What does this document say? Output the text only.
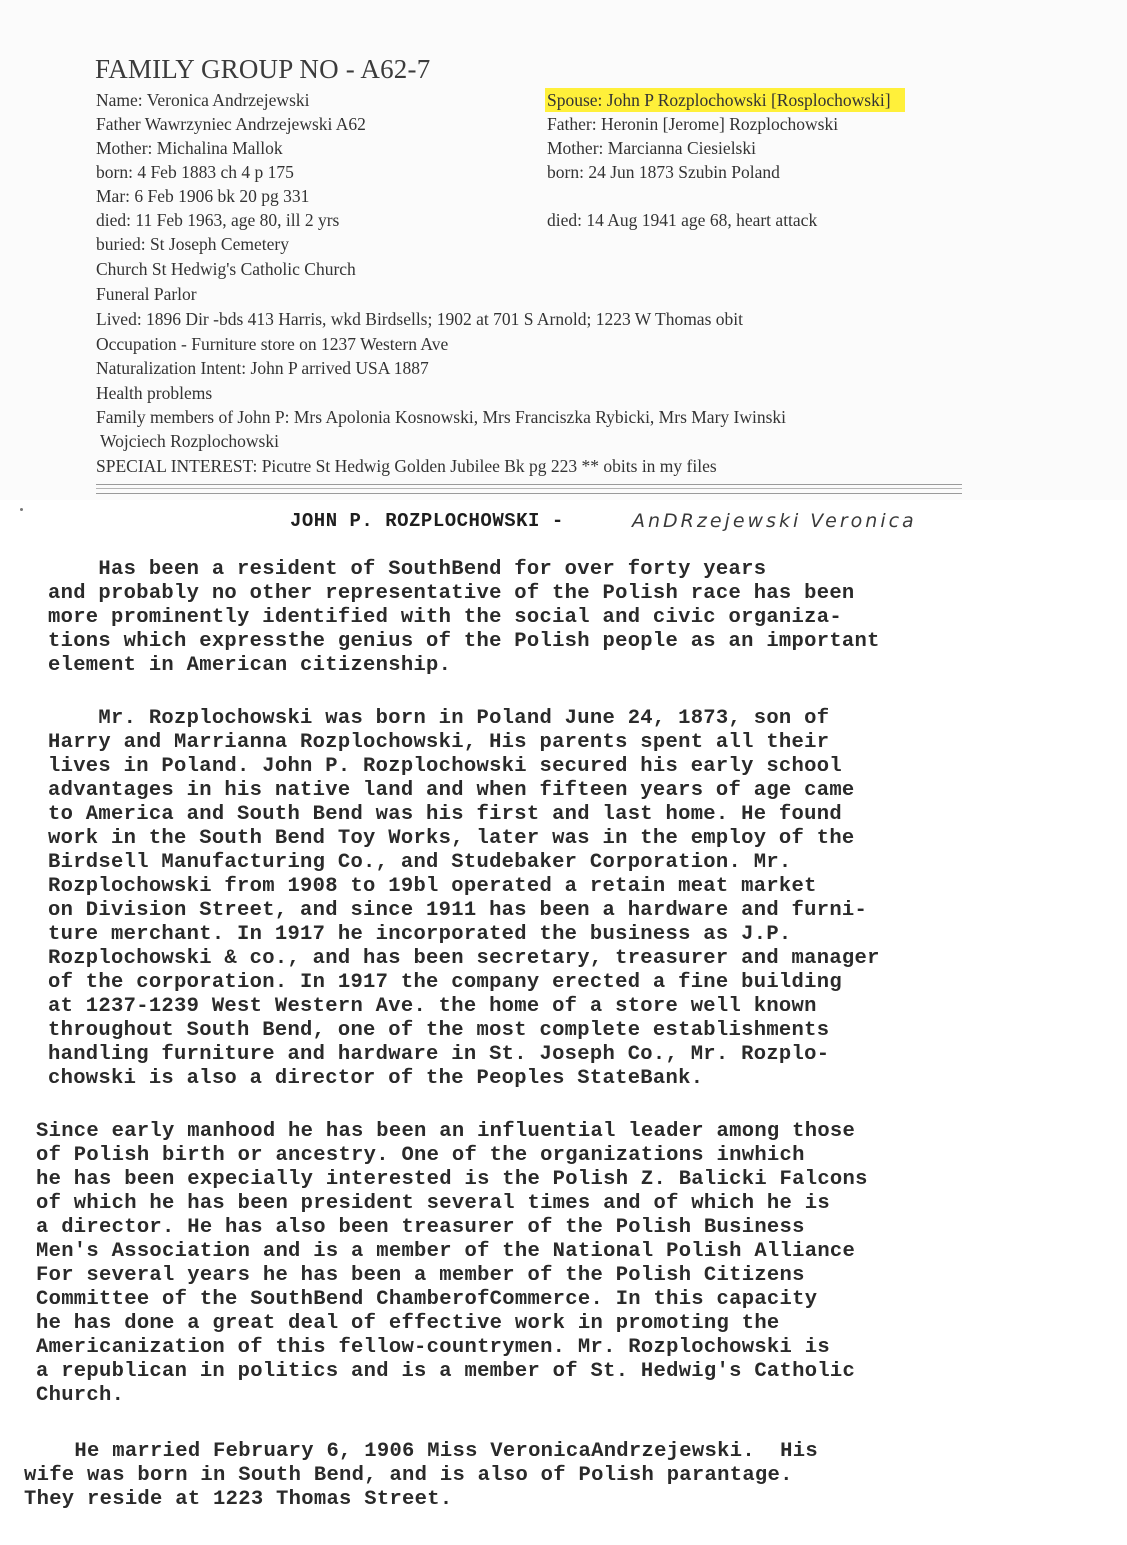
FAMILY GROUP NO - A62-7
Name: Veronica Andrzejewski
Father Wawrzyniec Andrzejewski A62
Mother: Michalina Mallok
born: 4 Feb 1883 ch 4 p 175
Mar: 6 Feb 1906 bk 20 pg 331
died: 11 Feb 1963, age 80, ill 2 yrs
buried: St Joseph Cemetery
Church St Hedwig's Catholic Church
Funeral Parlor
Spouse: John P Rozplochowski [Rosplochowski]
Father: Heronin [Jerome] Rozplochowski
Mother: Marcianna Ciesielski
born: 24 Jun 1873 Szubin Poland
died: 14 Aug 1941 age 68, heart attack
Lived: 1896 Dir -bds 413 Harris, wkd Birdsells; 1902 at 701 S Arnold; 1223 W Thomas obit
Occupation - Furniture store on 1237 Western Ave
Naturalization Intent: John P arrived USA 1887
Health problems
Family members of John P: Mrs Apolonia Kosnowski, Mrs Franciszka Rybicki, Mrs Mary Iwinski
Wojciech Rozplochowski
SPECIAL INTEREST: Picutre St Hedwig Golden Jubilee Bk pg 223 ** obits in my files
JOHN P. ROZPLOCHOWSKI -	AnDRzejewski Veronica
Has been a resident of SouthBend for over forty years
and probably no other representative of the Polish race has been
more prominently identified with the social and civic organiza-
tions which expressthe genius of the Polish people as an important
element in American citizenship.
Mr. Rozplochowski was born in Poland June 24, 1873, son of
Harry and Marrianna Rozplochowski, His parents spent all their
lives in Poland. John P. Rozplochowski secured his early school
advantages in his native land and when fifteen years of age came
to America and South Bend was his first and last home. He found
work in the South Bend Toy Works, later was in the employ of the
Birdsell Manufacturing Co., and Studebaker Corporation. Mr.
Rozplochowski from 1908 to 19bl operated a retain meat market
on Division Street, and since 1911 has been a hardware and furni-
ture merchant. In 1917 he incorporated the business as J.P.
Rozplochowski & co., and has been secretary, treasurer and manager
of the corporation. In 1917 the company erected a fine building
at 1237-1239 West Western Ave. the home of a store well known
throughout South Bend, one of the most complete establishments
handling furniture and hardware in St. Joseph Co., Mr. Rozplo-
chowski is also a director of the Peoples StateBank.
Since early manhood he has been an influential leader among those
of Polish birth or ancestry. One of the organizations inwhich
he has been expecially interested is the Polish Z. Balicki Falcons
of which he has been president several times and of which he is
a director. He has also been treasurer of the Polish Business
Men's Association and is a member of the National Polish Alliance
For several years he has been a member of the Polish Citizens
Committee of the SouthBend ChamberofCommerce. In this capacity
he has done a great deal of effective work in promoting the
Americanization of this fellow-countrymen. Mr. Rozplochowski is
a republican in politics and is a member of St. Hedwig's Catholic
Church.
He married February 6, 1906 Miss VeronicaAndrzejewski.  His
wife was born in South Bend, and is also of Polish parantage.
They reside at 1223 Thomas Street.
